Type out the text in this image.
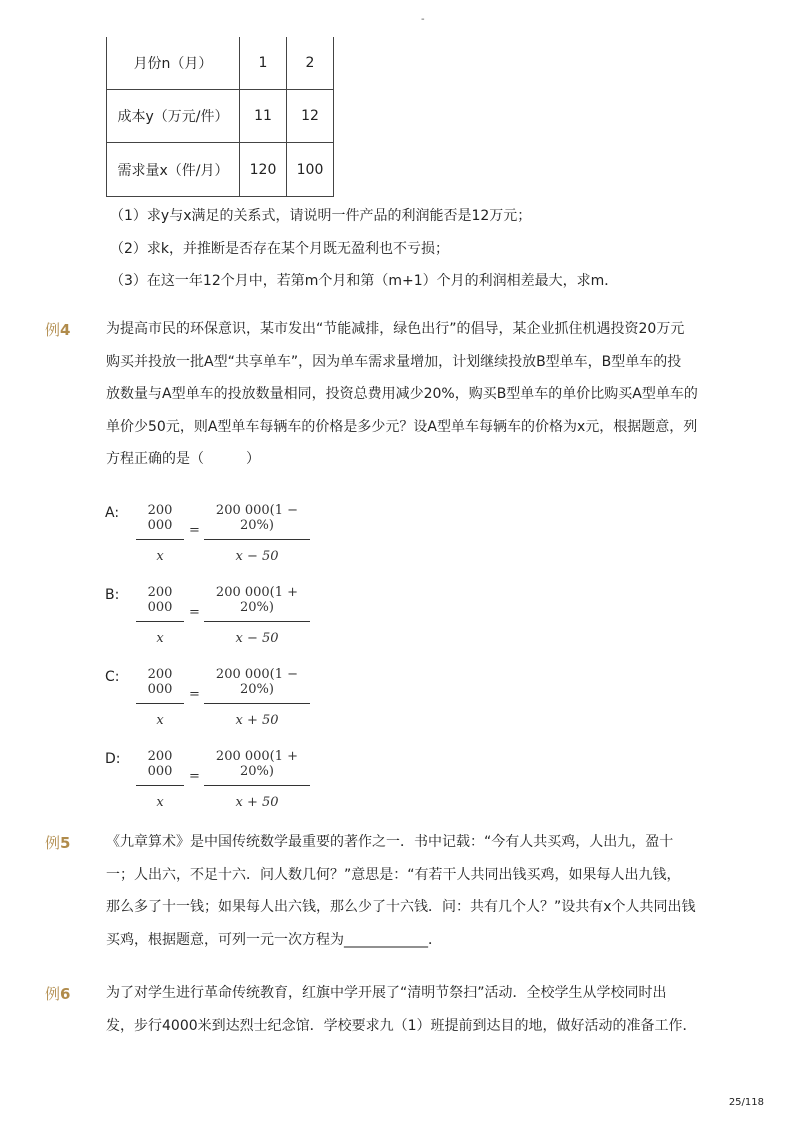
-
月份n（月）	1	2
成本y（万元/件）	11	12
需求量x（件/月）	120	100
（1）求y与x满足的关系式，请说明一件产品的利润能否是12万元；
（2）求k，并推断是否存在某个月既无盈利也不亏损；
（3）在这一年12个月中，若第m个月和第（m+1）个月的利润相差最大，求m．
例4	为提高市民的环保意识，某市发出“节能减排，绿色出行”的倡导，某企业抓住机遇投资20万元
购买并投放一批A型“共享单车”，因为单车需求量增加，计划继续投放B型单车，B型单车的投
放数量与A型单车的投放数量相同，投资总费用减少20%，购买B型单车的单价比购买A型单车的
单价少50元，则A型单车每辆车的价格是多少元？设A型单车每辆车的价格为x元，根据题意，列
方程正确的是（　　　）
A:	200 000
x
=
200 000(1 − 20%)
x − 50
B:	200 000
x
=
200 000(1 + 20%)
x − 50
C:	200 000
x
=
200 000(1 − 20%)
x + 50
D:	200 000
x
=
200 000(1 + 20%)
x + 50
例5	《九章算术》是中国传统数学最重要的著作之一．书中记载：“今有人共买鸡，人出九，盈十
一；人出六，不足十六．问人数几何？”意思是：“有若干人共同出钱买鸡，如果每人出九钱，
那么多了十一钱；如果每人出六钱，那么少了十六钱．问：共有几个人？”设共有x个人共同出钱
买鸡，根据题意，可列一元一次方程为____________．
例6	为了对学生进行革命传统教育，红旗中学开展了“清明节祭扫”活动．全校学生从学校同时出
发，步行4000米到达烈士纪念馆．学校要求九（1）班提前到达目的地，做好活动的准备工作．
25/118
